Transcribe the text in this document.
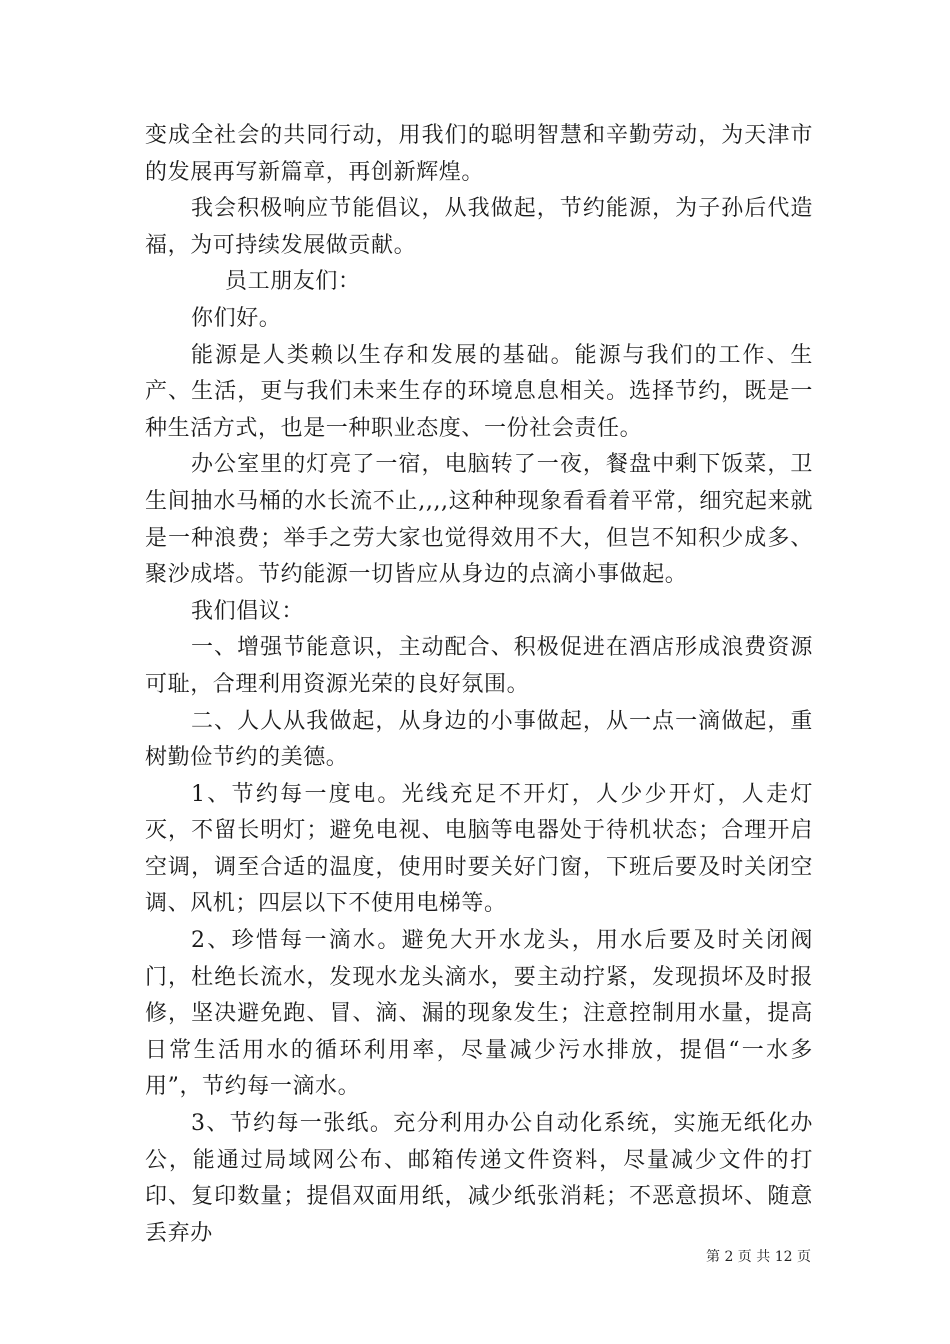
变成全社会的共同行动，用我们的聪明智慧和辛勤劳动，为天津市的发展再写新篇章，再创新辉煌。

我会积极响应节能倡议，从我做起，节约能源，为子孙后代造福，为可持续发展做贡献。

员工朋友们：

你们好。

能源是人类赖以生存和发展的基础。能源与我们的工作、生产、生活，更与我们未来生存的环境息息相关。选择节约，既是一种生活方式，也是一种职业态度、一份社会责任。

办公室里的灯亮了一宿，电脑转了一夜，餐盘中剩下饭菜，卫生间抽水马桶的水长流不止,,,,这种种现象看看着平常，细究起来就是一种浪费；举手之劳大家也觉得效用不大，但岂不知积少成多、聚沙成塔。节约能源一切皆应从身边的点滴小事做起。

我们倡议：

一、增强节能意识，主动配合、积极促进在酒店形成浪费资源可耻，合理利用资源光荣的良好氛围。

二、人人从我做起，从身边的小事做起，从一点一滴做起，重树勤俭节约的美德。

1、节约每一度电。光线充足不开灯，人少少开灯，人走灯灭，不留长明灯；避免电视、电脑等电器处于待机状态；合理开启空调，调至合适的温度，使用时要关好门窗，下班后要及时关闭空调、风机；四层以下不使用电梯等。

2、珍惜每一滴水。避免大开水龙头，用水后要及时关闭阀门，杜绝长流水，发现水龙头滴水，要主动拧紧，发现损坏及时报修，坚决避免跑、冒、滴、漏的现象发生；注意控制用水量，提高日常生活用水的循环利用率，尽量减少污水排放，提倡“一水多用”，节约每一滴水。

3、节约每一张纸。充分利用办公自动化系统，实施无纸化办公，能通过局域网公布、邮箱传递文件资料，尽量减少文件的打印、复印数量；提倡双面用纸，减少纸张消耗；不恶意损坏、随意丢弃办

第 2 页 共 12 页
